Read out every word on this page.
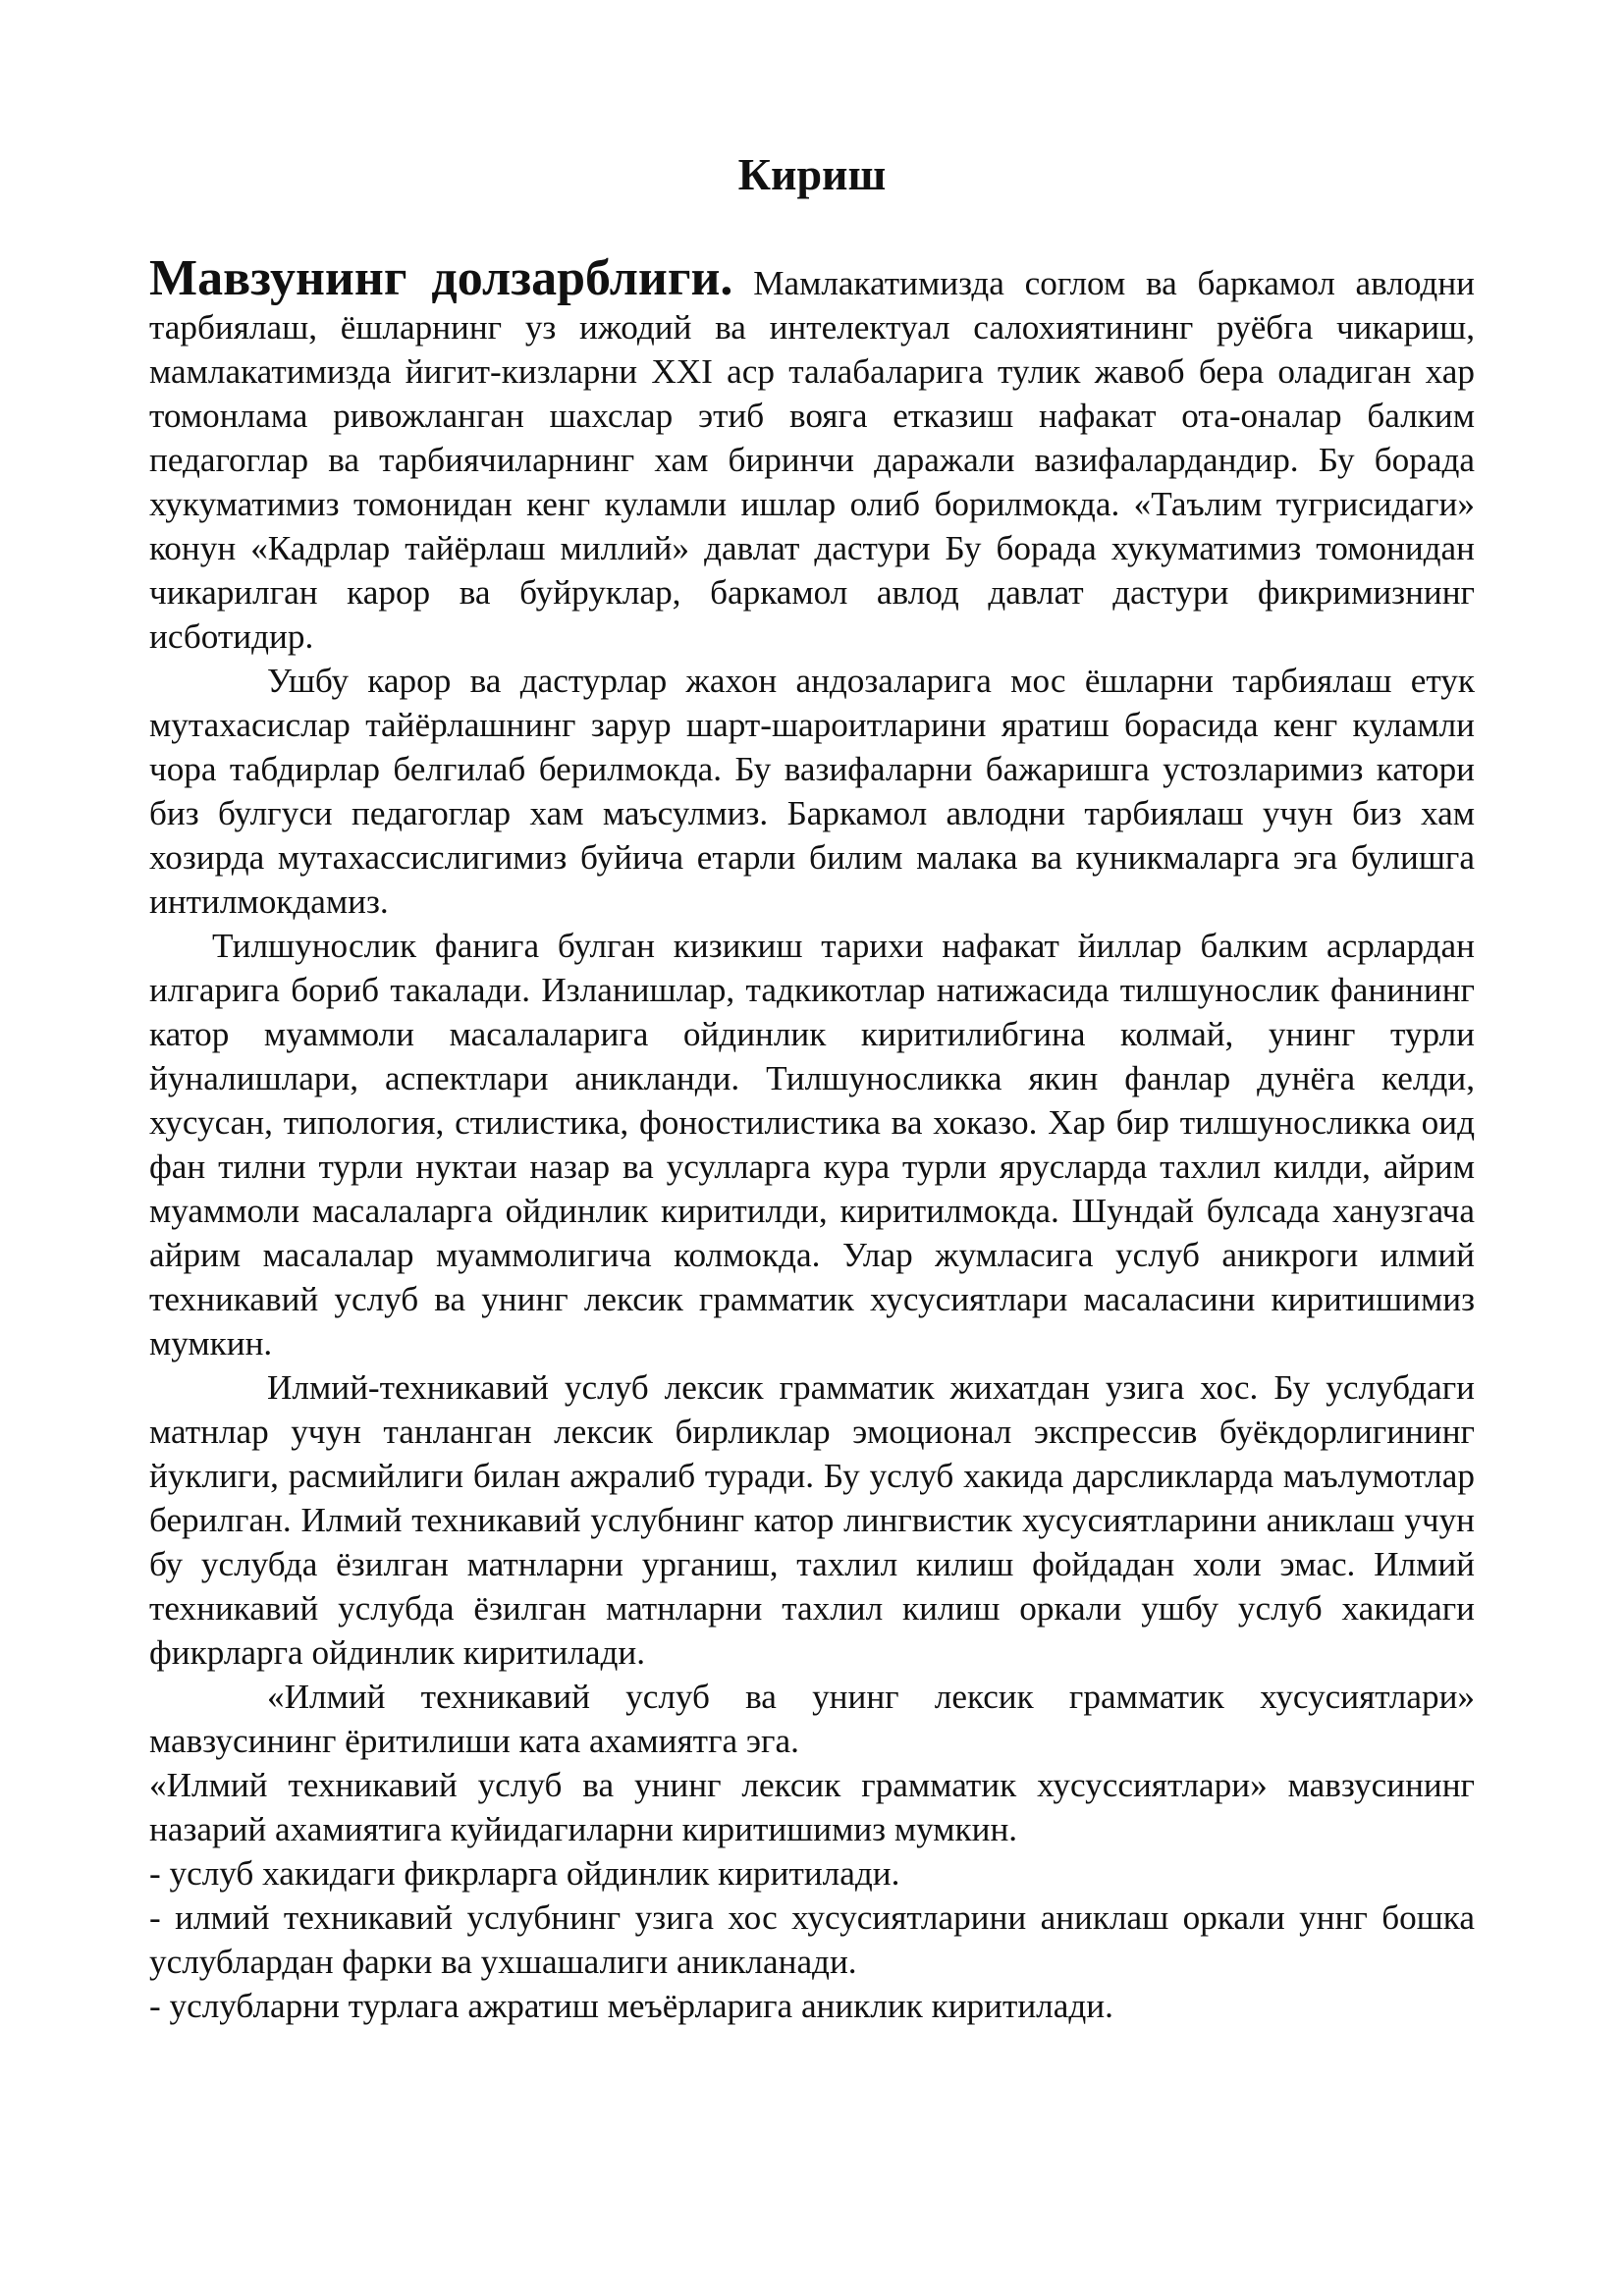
Кириш

Мавзунинг долзарблиги. Мамлакатимизда соглом ва баркамол авлодни тарбиялаш, ёшларнинг уз ижодий ва интелектуал салохиятининг руёбга чикариш, мамлакатимизда йигит-кизларни XXI аср талабаларига тулик жавоб бера оладиган хар томонлама ривожланган шахслар этиб вояга етказиш нафакат ота-оналар балким педагоглар ва тарбиячиларнинг хам биринчи даражали вазифалардандир. Бу борада хукуматимиз томонидан кенг куламли ишлар олиб борилмокда. «Таълим тугрисидаги» конун «Кадрлар тайёрлаш миллий» давлат дастури Бу борада хукуматимиз томонидан чикарилган карор ва буйруклар, баркамол авлод давлат дастури фикримизнинг исботидир.

Ушбу карор ва дастурлар жахон андозаларига мос ёшларни тарбиялаш етук мутахасислар тайёрлашнинг зарур шарт-шароитларини яратиш борасида кенг куламли чора табдирлар белгилаб берилмокда. Бу вазифаларни бажаришга устозларимиз катори биз булгуси педагоглар хам маъсулмиз. Баркамол авлодни тарбиялаш учун биз хам хозирда мутахассислигимиз буйича етарли билим малака ва куникмаларга эга булишга интилмокдамиз.

Тилшунослик фанига булган кизикиш тарихи нафакат йиллар балким асрлардан илгарига бориб такалади. Изланишлар, тадкикотлар натижасида тилшунослик фанининг катор муаммоли масалаларига ойдинлик киритилибгина колмай, унинг турли йуналишлари, аспектлари аникланди. Тилшуносликка якин фанлар дунёга келди, хусусан, типология, стилистика, фоностилистика ва хоказо. Хар бир тилшуносликка оид фан тилни турли нуктаи назар ва усулларга кура турли ярусларда тахлил килди, айрим муаммоли масалаларга ойдинлик киритилди, киритилмокда. Шундай булсада ханузгача айрим масалалар муаммолигича колмокда. Улар жумласига услуб аникроги илмий техникавий услуб ва унинг лексик грамматик хусусиятлари масаласини киритишимиз мумкин.

Илмий-техникавий услуб лексик грамматик жихатдан узига хос. Бу услубдаги матнлар учун танланган лексик бирликлар эмоционал экспрессив буёкдорлигининг йуклиги, расмийлиги билан ажралиб туради. Бу услуб хакида дарсликларда маълумотлар берилган. Илмий техникавий услубнинг катор лингвистик хусусиятларини аниклаш учун бу услубда ёзилган матнларни урганиш, тахлил килиш фойдадан холи эмас. Илмий техникавий услубда ёзилган матнларни тахлил килиш оркали ушбу услуб хакидаги фикрларга ойдинлик киритилади.

«Илмий техникавий услуб ва унинг лексик грамматик хусусиятлари» мавзусининг ёритилиши ката ахамиятга эга.

«Илмий техникавий услуб ва унинг лексик грамматик хусуссиятлари» мавзусининг назарий ахамиятига куйидагиларни киритишимиз мумкин.

- услуб хакидаги фикрларга ойдинлик киритилади.

- илмий техникавий услубнинг узига хос хусусиятларини аниклаш оркали уннг бошка услублардан фарки ва ухшашалиги аникланади.

- услубларни турлага ажратиш меъёрларига аниклик киритилади.
